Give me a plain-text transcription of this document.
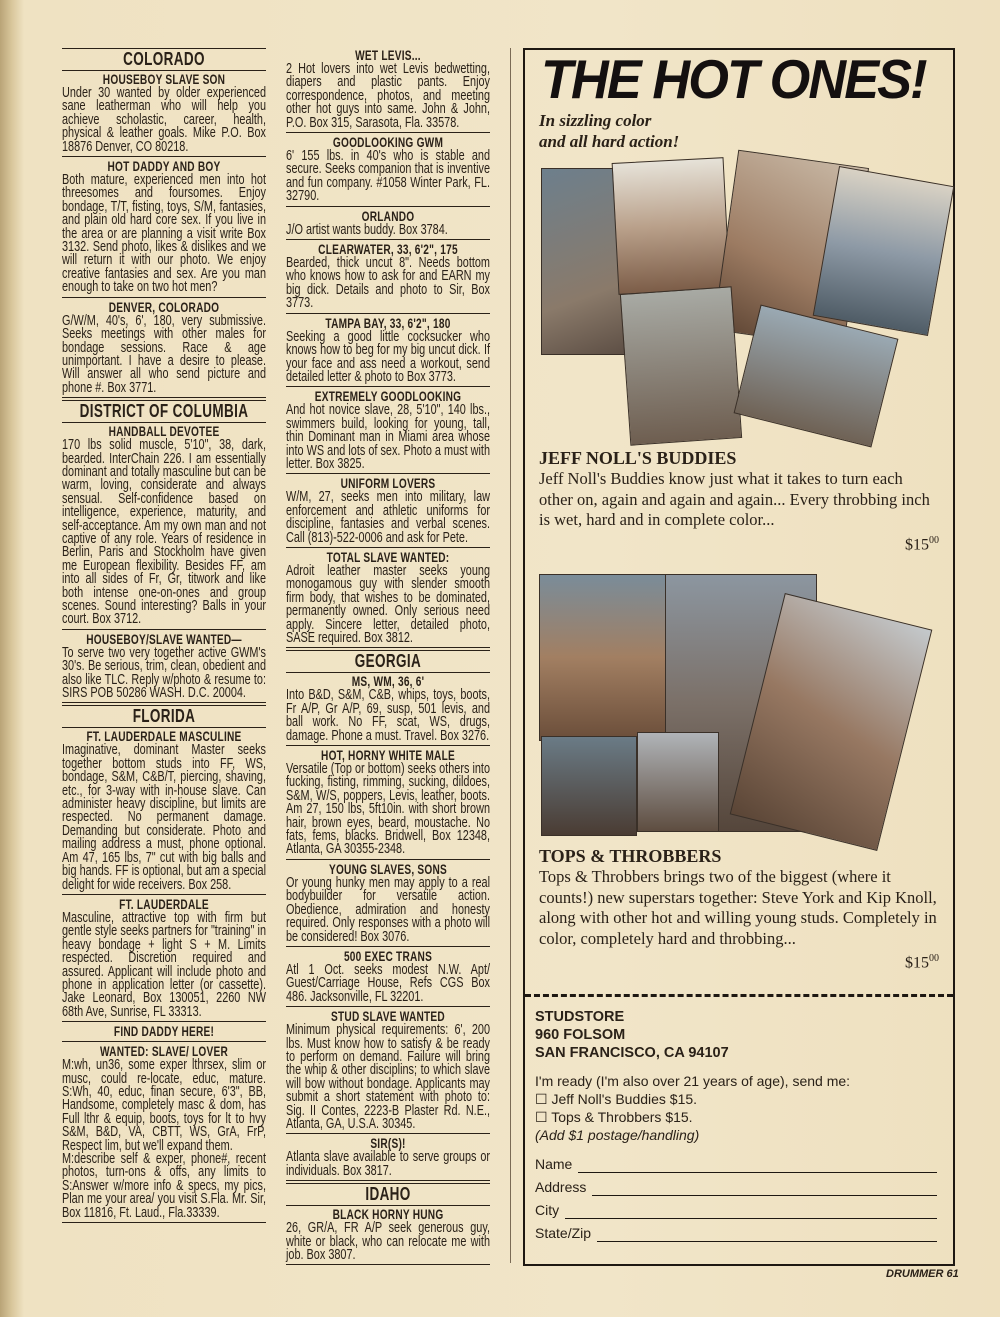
COLORADO
HOUSEBOY SLAVE SON

Under 30 wanted by older experienced sane leatherman who will help you achieve scholastic, career, health, physical & leather goals. Mike P.O. Box 18876 Denver, CO 80218.

HOT DADDY AND BOY

Both mature, experienced men into hot threesomes and foursomes. Enjoy bondage, T/T, fisting, toys, S/M, fantasies, and plain old hard core sex. If you live in the area or are planning a visit write Box 3132. Send photo, likes & dislikes and we will return it with our photo. We enjoy creative fantasies and sex. Are you man enough to take on two hot men?

DENVER, COLORADO

G/W/M, 40's, 6', 180, very submissive. Seeks meetings with other males for bondage sessions. Race & age unimportant. I have a desire to please. Will answer all who send picture and phone #. Box 3771.

DISTRICT OF COLUMBIA
HANDBALL DEVOTEE

170 lbs solid muscle, 5'10", 38, dark, bearded. InterChain 226. I am essentially dominant and totally masculine but can be warm, loving, considerate and always sensual. Self-confidence based on intelligence, experience, maturity, and self-acceptance. Am my own man and not captive of any role. Years of residence in Berlin, Paris and Stockholm have given me European flexibility. Besides FF, am into all sides of Fr, Gr, titwork and like both intense one-on-ones and group scenes. Sound interesting? Balls in your court. Box 3712.

HOUSEBOY/SLAVE WANTED—

To serve two very together active GWM's 30's. Be serious, trim, clean, obedient and also like TLC. Reply w/photo & resume to: SIRS POB 50286 WASH. D.C. 20004.

FLORIDA
FT. LAUDERDALE MASCULINE

Imaginative, dominant Master seeks together bottom studs into FF, WS, bondage, S&M, C&B/T, piercing, shaving, etc., for 3-way with in-house slave. Can administer heavy discipline, but limits are respected. No permanent damage. Demanding but considerate. Photo and mailing address a must, phone optional. Am 47, 165 lbs, 7" cut with big balls and big hands. FF is optional, but am a special delight for wide receivers. Box 258.

FT. LAUDERDALE

Masculine, attractive top with firm but gentle style seeks partners for "training" in heavy bondage + light S + M. Limits respected. Discretion required and assured. Applicant will include photo and phone in application letter (or cassette). Jake Leonard, Box 130051, 2260 NW 68th Ave, Sunrise, FL 33313.

FIND DADDY HERE!
WANTED: SLAVE/ LOVER

M:wh, un36, some exper lthrsex, slim or musc, could re-locate, educ, mature. S:Wh, 40, educ, finan secure, 6'3", BB, Handsome, completely masc & dom, has Full lthr & equip, boots, toys for lt to hvy S&M, B&D, VA, CBTT, WS, GrA, FrP, Respect lim, but we'll expand them.

M:describe self & exper, phone#, recent photos, turn-ons & offs, any limits to S:Answer w/more info & specs, my pics, Plan me your area/ you visit S.Fla. Mr. Sir, Box 11816, Ft. Laud., Fla.33339.

WET LEVIS...

2 Hot lovers into wet Levis bedwetting, diapers and plastic pants. Enjoy correspondence, photos, and meeting other hot guys into same. John & John, P.O. Box 315, Sarasota, Fla. 33578.

GOODLOOKING GWM

6' 155 lbs. in 40's who is stable and secure. Seeks companion that is inventive and fun company. #1058 Winter Park, FL. 32790.

ORLANDO

J/O artist wants buddy. Box 3784.

CLEARWATER, 33, 6'2", 175

Bearded, thick uncut 8". Needs bottom who knows how to ask for and EARN my big dick. Details and photo to Sir, Box 3773.

TAMPA BAY, 33, 6'2", 180

Seeking a good little cocksucker who knows how to beg for my big uncut dick. If your face and ass need a workout, send detailed letter & photo to Box 3773.

EXTREMELY GOODLOOKING

And hot novice slave, 28, 5'10", 140 lbs., swimmers build, looking for young, tall, thin Dominant man in Miami area whose into WS and lots of sex. Photo a must with letter. Box 3825.

UNIFORM LOVERS

W/M, 27, seeks men into military, law enforcement and athletic uniforms for discipline, fantasies and verbal scenes. Call (813)-522-0006 and ask for Pete.

TOTAL SLAVE WANTED:

Adroit leather master seeks young monogamous guy with slender smooth firm body, that wishes to be dominated, permanently owned. Only serious need apply. Sincere letter, detailed photo, SASE required. Box 3812.

GEORGIA
MS, WM, 36, 6'

Into B&D, S&M, C&B, whips, toys, boots, Fr A/P, Gr A/P, 69, susp, 501 levis, and ball work. No FF, scat, WS, drugs, damage. Phone a must. Travel. Box 3276.

HOT, HORNY WHITE MALE

Versatile (Top or bottom) seeks others into fucking, fisting, rimming, sucking, dildoes, S&M, W/S, poppers, Levis, leather, boots. Am 27, 150 lbs, 5ft10in. with short brown hair, brown eyes, beard, moustache. No fats, fems, blacks. Bridwell, Box 12348, Atlanta, GA 30355-2348.

YOUNG SLAVES, SONS

Or young hunky men may apply to a real bodybuilder for versatile action. Obedience, admiration and honesty required. Only responses with a photo will be considered! Box 3076.

500 EXEC TRANS

Atl 1 Oct. seeks modest N.W. Apt/ Guest/Carriage House, Refs CGS Box 486. Jacksonville, FL 32201.

STUD SLAVE WANTED

Minimum physical requirements: 6', 200 lbs. Must know how to satisfy & be ready to perform on demand. Failure will bring the whip & other disciplins; to which slave will bow without bondage. Applicants may submit a short statement with photo to: Sig. II Contes, 2223-B Plaster Rd. N.E., Atlanta, GA, U.S.A. 30345.

SIR(S)!

Atlanta slave available to serve groups or individuals. Box 3817.

IDAHO
BLACK HORNY HUNG

26, GR/A, FR A/P seek generous guy, white or black, who can relocate me with job. Box 3807.

THE HOT ONES!
In sizzling color
and all hard action!
JEFF NOLL'S BUDDIES
Jeff Noll's Buddies know just what it takes to turn each other on, again and again and again... Every throbbing inch is wet, hard and in complete color...
$\$15^{00}$
TOPS & THROBBERS
Tops & Throbbers brings two of the biggest (where it counts!) new superstars together: Steve York and Kip Knoll, along with other hot and willing young studs. Completely in color, completely hard and throbbing...
$\$15^{00}$
STUDSTORE
960 FOLSOM
SAN FRANCISCO, CA 94107
I'm ready (I'm also over 21 years of age), send me:
☐ Jeff Noll's Buddies $15.
☐ Tops & Throbbers $15.
(Add $1 postage/handling)
Name
Address
City
State/Zip
DRUMMER 61
